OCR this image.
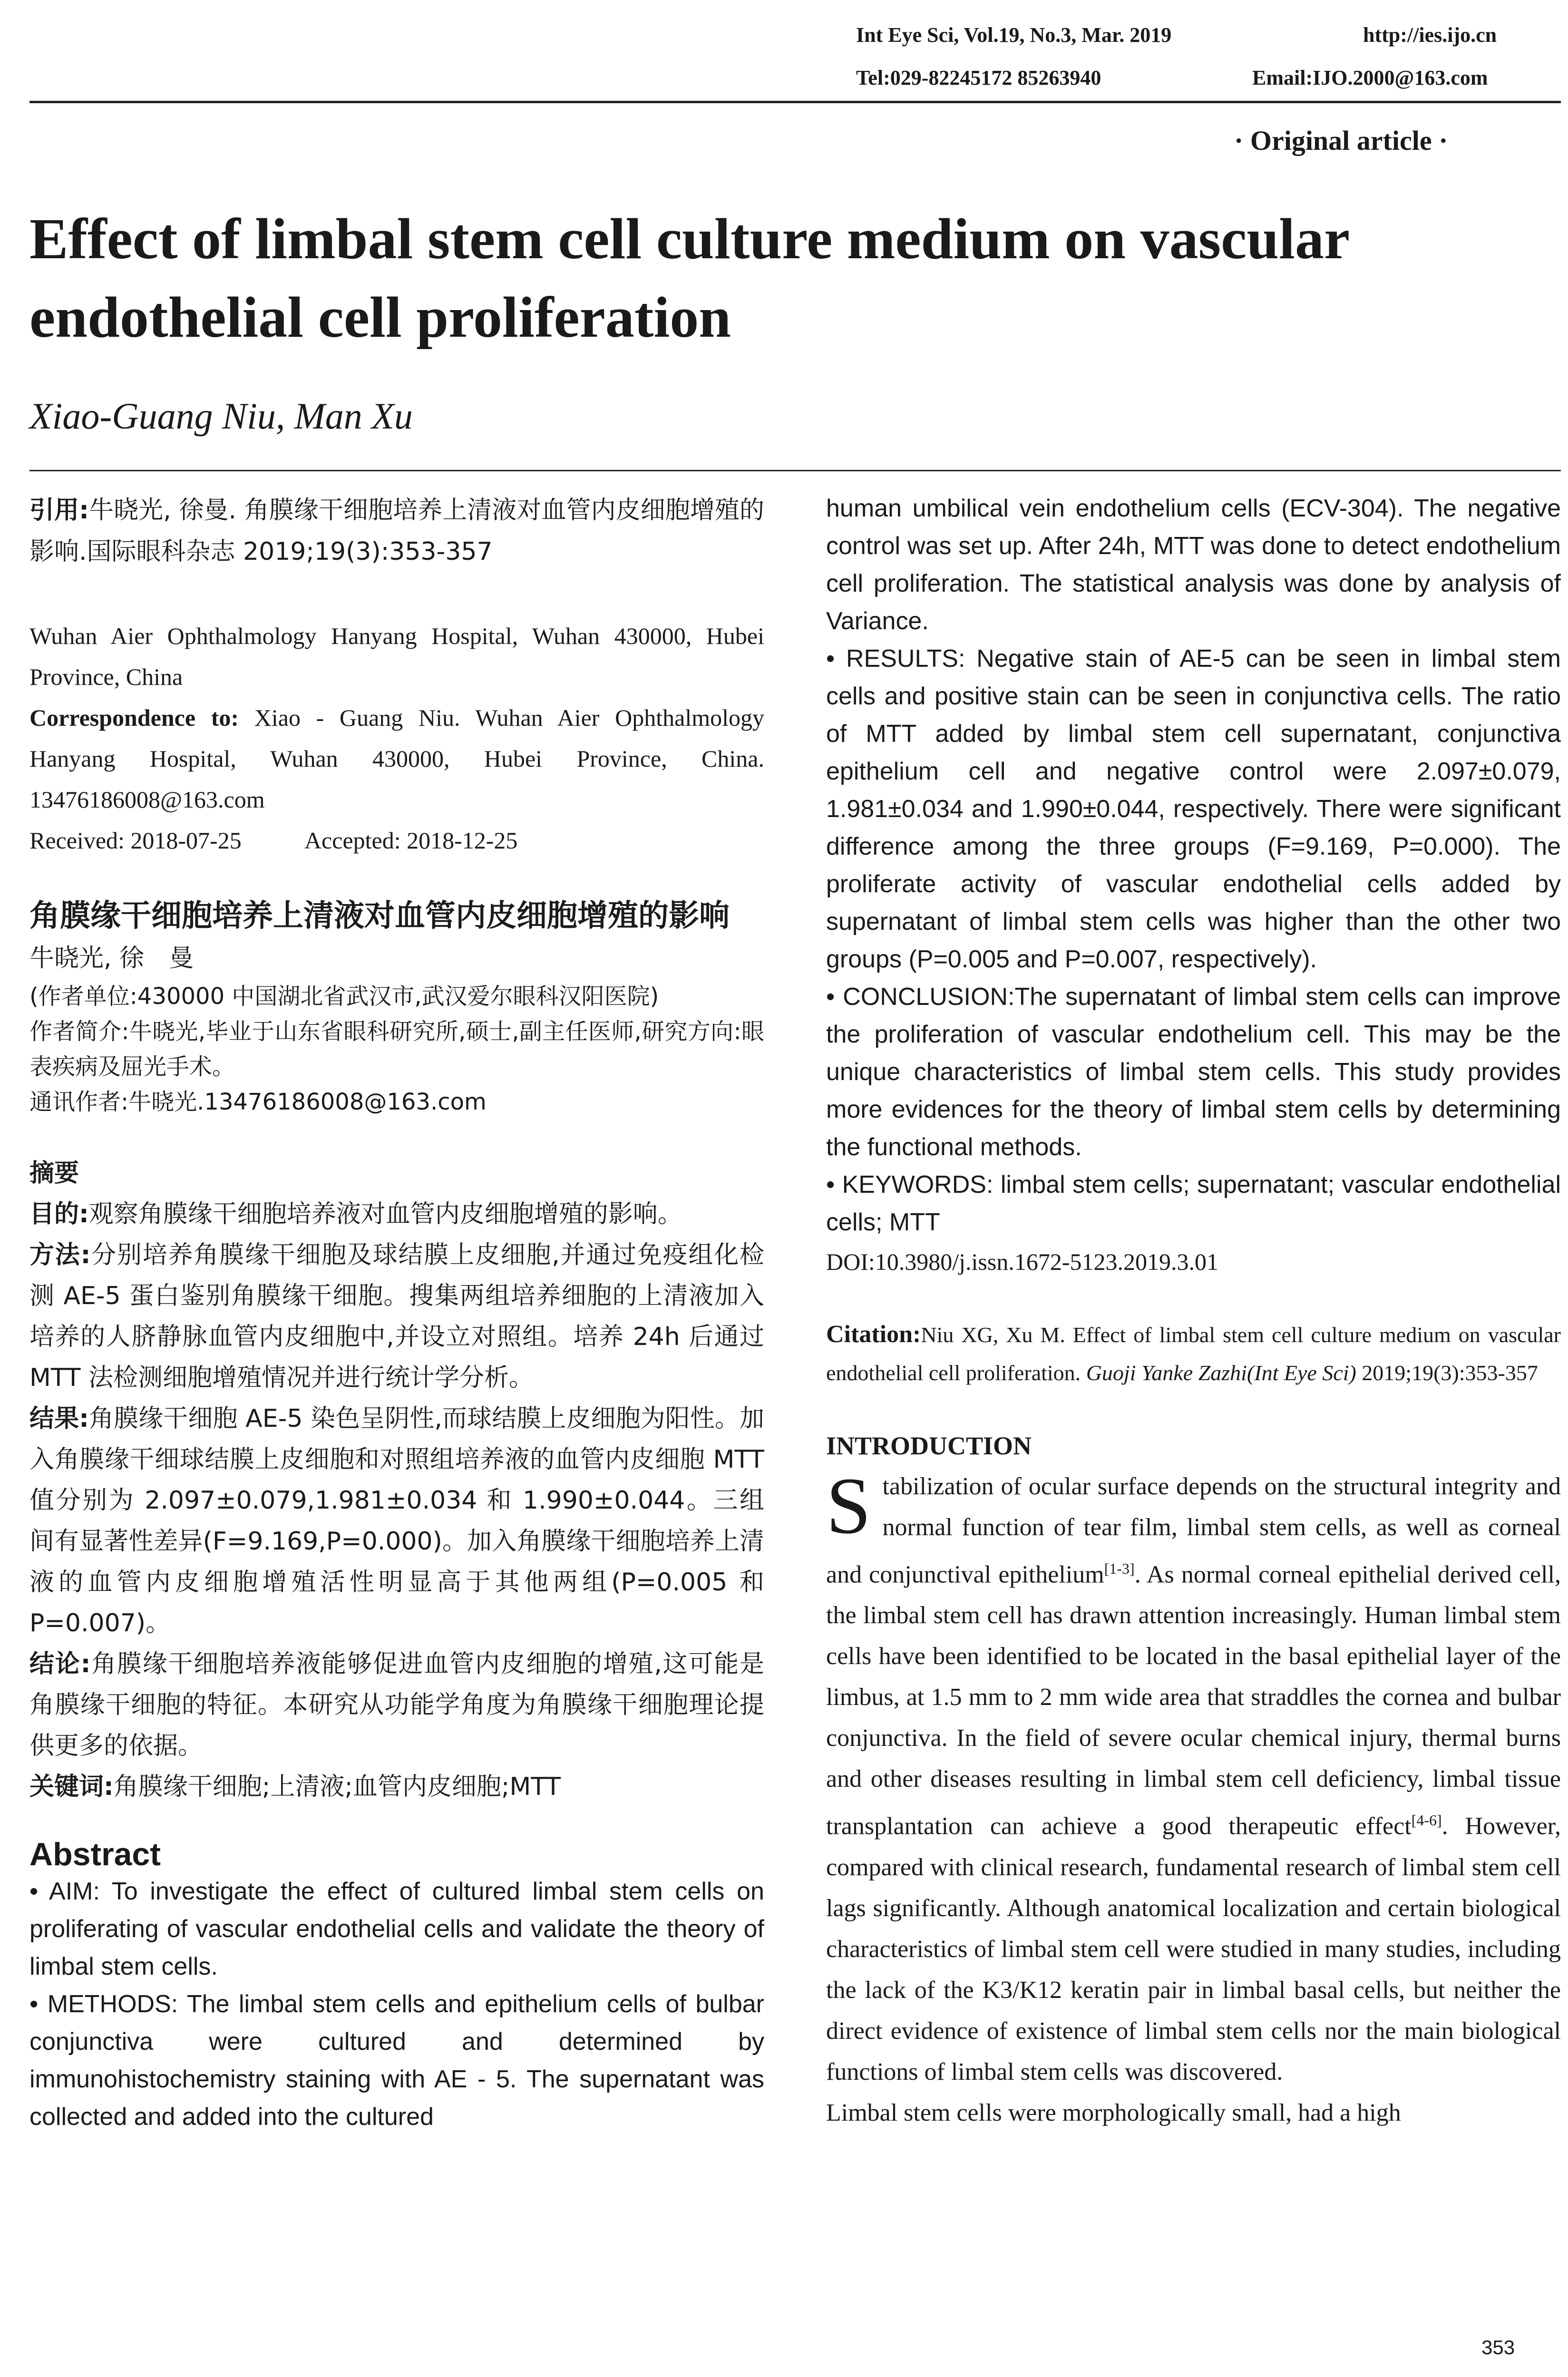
Int Eye Sci, Vol.19, No.3, Mar. 2019	http://ies.ijo.cn
Tel:029-82245172 85263940	Email:IJO.2000@163.com
· Original article ·
Effect of limbal stem cell culture medium on vascular endothelial cell proliferation
Xiao-Guang Niu, Man Xu

引用:牛晓光, 徐曼. 角膜缘干细胞培养上清液对血管内皮细胞增殖的影响.国际眼科杂志 2019;19(3):353-357

Wuhan Aier Ophthalmology Hanyang Hospital, Wuhan 430000, Hubei Province, China

Correspondence to: Xiao - Guang Niu. Wuhan Aier Ophthalmology Hanyang Hospital, Wuhan 430000, Hubei Province, China. 13476186008@163.com

Received: 2018-07-25	Accepted: 2018-12-25

角膜缘干细胞培养上清液对血管内皮细胞增殖的影响

牛晓光, 徐　曼

(作者单位:430000 中国湖北省武汉市,武汉爱尔眼科汉阳医院)

作者简介:牛晓光,毕业于山东省眼科研究所,硕士,副主任医师,研究方向:眼表疾病及屈光手术。

通讯作者:牛晓光.13476186008@163.com

摘要

目的:观察角膜缘干细胞培养液对血管内皮细胞增殖的影响。

方法:分别培养角膜缘干细胞及球结膜上皮细胞,并通过免疫组化检测 AE-5 蛋白鉴别角膜缘干细胞。搜集两组培养细胞的上清液加入培养的人脐静脉血管内皮细胞中,并设立对照组。培养 24h 后通过 MTT 法检测细胞增殖情况并进行统计学分析。

结果:角膜缘干细胞 AE-5 染色呈阴性,而球结膜上皮细胞为阳性。加入角膜缘干细球结膜上皮细胞和对照组培养液的血管内皮细胞 MTT 值分别为 2.097±0.079,1.981±0.034 和 1.990±0.044。三组间有显著性差异(F=9.169,P=0.000)。加入角膜缘干细胞培养上清液的血管内皮细胞增殖活性明显高于其他两组(P=0.005 和 P=0.007)。

结论:角膜缘干细胞培养液能够促进血管内皮细胞的增殖,这可能是角膜缘干细胞的特征。本研究从功能学角度为角膜缘干细胞理论提供更多的依据。

关键词:角膜缘干细胞;上清液;血管内皮细胞;MTT

Abstract

• AIM: To investigate the effect of cultured limbal stem cells on proliferating of vascular endothelial cells and validate the theory of limbal stem cells.

• METHODS: The limbal stem cells and epithelium cells of bulbar conjunctiva were cultured and determined by immunohistochemistry staining with AE - 5. The supernatant was collected and added into the cultured

human umbilical vein endothelium cells (ECV-304). The negative control was set up. After 24h, MTT was done to detect endothelium cell proliferation. The statistical analysis was done by analysis of Variance.

• RESULTS: Negative stain of AE-5 can be seen in limbal stem cells and positive stain can be seen in conjunctiva cells. The ratio of MTT added by limbal stem cell supernatant, conjunctiva epithelium cell and negative control were 2.097±0.079, 1.981±0.034 and 1.990±0.044, respectively. There were significant difference among the three groups (F=9.169, P=0.000). The proliferate activity of vascular endothelial cells added by supernatant of limbal stem cells was higher than the other two groups (P=0.005 and P=0.007, respectively).

• CONCLUSION:The supernatant of limbal stem cells can improve the proliferation of vascular endothelium cell. This may be the unique characteristics of limbal stem cells. This study provides more evidences for the theory of limbal stem cells by determining the functional methods.

• KEYWORDS: limbal stem cells; supernatant; vascular endothelial cells; MTT

DOI:10.3980/j.issn.1672-5123.2019.3.01

Citation:Niu XG, Xu M. Effect of limbal stem cell culture medium on vascular endothelial cell proliferation. Guoji Yanke Zazhi(Int Eye Sci) 2019;19(3):353-357

INTRODUCTION

Stabilization of ocular surface depends on the structural integrity and normal function of tear film, limbal stem cells, as well as corneal and conjunctival epithelium[1-3]. As normal corneal epithelial derived cell, the limbal stem cell has drawn attention increasingly. Human limbal stem cells have been identified to be located in the basal epithelial layer of the limbus, at 1.5 mm to 2 mm wide area that straddles the cornea and bulbar conjunctiva. In the field of severe ocular chemical injury, thermal burns and other diseases resulting in limbal stem cell deficiency, limbal tissue transplantation can achieve a good therapeutic effect[4-6]. However, compared with clinical research, fundamental research of limbal stem cell lags significantly. Although anatomical localization and certain biological characteristics of limbal stem cell were studied in many studies, including the lack of the K3/K12 keratin pair in limbal basal cells, but neither the direct evidence of existence of limbal stem cells nor the main biological functions of limbal stem cells was discovered.

Limbal stem cells were morphologically small, had a high

353
